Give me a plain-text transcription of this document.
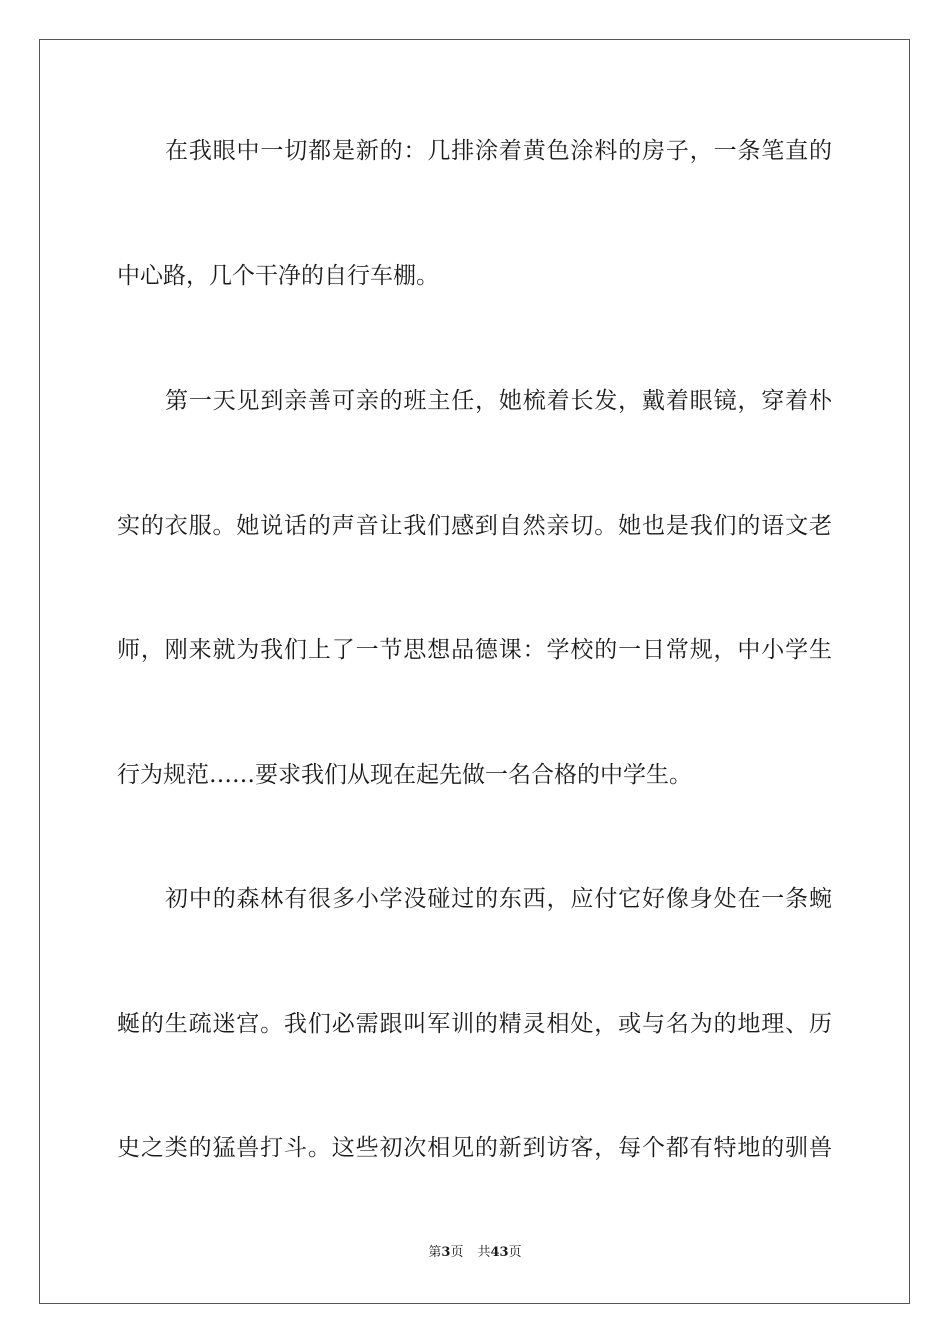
在我眼中一切都是新的：几排涂着黄色涂料的房子，一条笔直的
中心路，几个干净的自行车棚。
第一天见到亲善可亲的班主任，她梳着长发，戴着眼镜，穿着朴
实的衣服。她说话的声音让我们感到自然亲切。她也是我们的语文老
师，刚来就为我们上了一节思想品德课：学校的一日常规，中小学生
行为规范……要求我们从现在起先做一名合格的中学生。
初中的森林有很多小学没碰过的东西，应付它好像身处在一条蜿
蜒的生疏迷宫。我们必需跟叫军训的精灵相处，或与名为的地理、历
史之类的猛兽打斗。这些初次相见的新到访客，每个都有特地的驯兽
第3页 共43页
